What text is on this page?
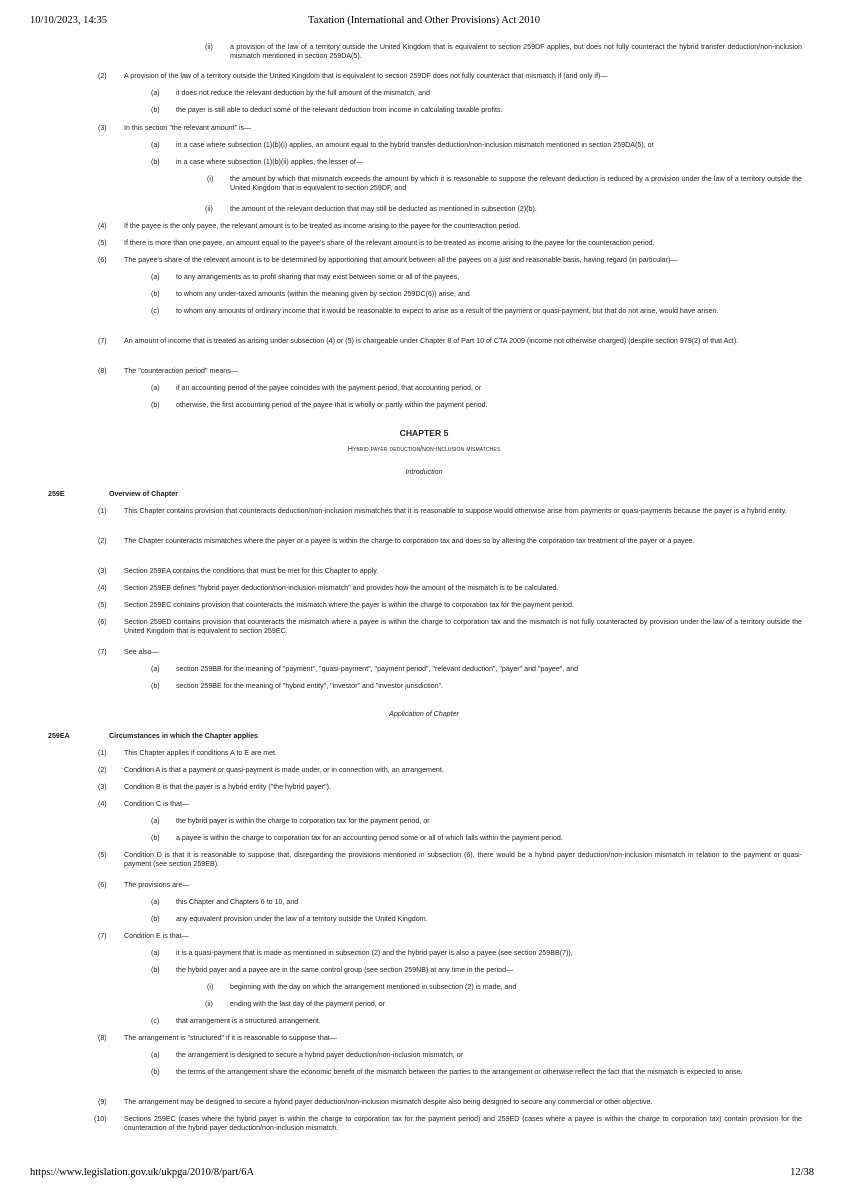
10/10/2023, 14:35	Taxation (International and Other Provisions) Act 2010
(ii) a provision of the law of a territory outside the United Kingdom that is equivalent to section 259DF applies, but does not fully counteract the hybrid transfer deduction/non-inclusion mismatch mentioned in section 259DA(5).
(2) A provision of the law of a territory outside the United Kingdom that is equivalent to section 259DF does not fully counteract that mismatch if (and only if)—
(a) it does not reduce the relevant deduction by the full amount of the mismatch, and
(b) the payer is still able to deduct some of the relevant deduction from income in calculating taxable profits.
(3) In this section "the relevant amount" is—
(a) in a case where subsection (1)(b)(i) applies, an amount equal to the hybrid transfer deduction/non-inclusion mismatch mentioned in section 259DA(5), or
(b) in a case where subsection (1)(b)(ii) applies, the lesser of—
(i) the amount by which that mismatch exceeds the amount by which it is reasonable to suppose the relevant deduction is reduced by a provision under the law of a territory outside the United Kingdom that is equivalent to section 259DF, and
(ii) the amount of the relevant deduction that may still be deducted as mentioned in subsection (2)(b).
(4) If the payee is the only payee, the relevant amount is to be treated as income arising to the payee for the counteraction period.
(5) If there is more than one payee, an amount equal to the payee's share of the relevant amount is to be treated as income arising to the payee for the counteraction period.
(6) The payee's share of the relevant amount is to be determined by apportioning that amount between all the payees on a just and reasonable basis, having regard (in particular)—
(a) to any arrangements as to profit sharing that may exist between some or all of the payees,
(b) to whom any under-taxed amounts (within the meaning given by section 259DC(6)) arise, and
(c) to whom any amounts of ordinary income that it would be reasonable to expect to arise as a result of the payment or quasi-payment, but that do not arise, would have arisen.
(7) An amount of income that is treated as arising under subsection (4) or (5) is chargeable under Chapter 8 of Part 10 of CTA 2009 (income not otherwise charged) (despite section 979(2) of that Act).
(8) The "counteraction period" means—
(a) if an accounting period of the payee coincides with the payment period, that accounting period, or
(b) otherwise, the first accounting period of the payee that is wholly or partly within the payment period.
259E	Overview of Chapter
(1) This Chapter contains provision that counteracts deduction/non-inclusion mismatches that it is reasonable to suppose would otherwise arise from payments or quasi-payments because the payer is a hybrid entity.
(2) The Chapter counteracts mismatches where the payer or a payee is within the charge to corporation tax and does so by altering the corporation tax treatment of the payer or a payee.
(3) Section 259EA contains the conditions that must be met for this Chapter to apply.
(4) Section 259EB defines "hybrid payer deduction/non-inclusion mismatch" and provides how the amount of the mismatch is to be calculated.
(5) Section 259EC contains provision that counteracts the mismatch where the payer is within the charge to corporation tax for the payment period.
(6) Section 259ED contains provision that counteracts the mismatch where a payee is within the charge to corporation tax and the mismatch is not fully counteracted by provision under the law of a territory outside the United Kingdom that is equivalent to section 259EC.
(7) See also—
(a) section 259BB for the meaning of "payment", "quasi-payment", "payment period", "relevant deduction", "payer" and "payee", and
(b) section 259BE for the meaning of "hybrid entity", "investor" and "investor jurisdiction".
259EA	Circumstances in which the Chapter applies
(1) This Chapter applies if conditions A to E are met.
(2) Condition A is that a payment or quasi-payment is made under, or in connection with, an arrangement.
(3) Condition B is that the payer is a hybrid entity ("the hybrid payer").
(4) Condition C is that—
(a) the hybrid payer is within the charge to corporation tax for the payment period, or
(b) a payee is within the charge to corporation tax for an accounting period some or all of which falls within the payment period.
(5) Condition D is that it is reasonable to suppose that, disregarding the provisions mentioned in subsection (6), there would be a hybrid payer deduction/non-inclusion mismatch in relation to the payment or quasi-payment (see section 259EB).
(6) The provisions are—
(a) this Chapter and Chapters 6 to 10, and
(b) any equivalent provision under the law of a territory outside the United Kingdom.
(7) Condition E is that—
(a) it is a quasi-payment that is made as mentioned in subsection (2) and the hybrid payer is also a payee (see section 259BB(7)),
(b) the hybrid payer and a payee are in the same control group (see section 259NB) at any time in the period—
(i) beginning with the day on which the arrangement mentioned in subsection (2) is made, and
(ii) ending with the last day of the payment period, or
(c) that arrangement is a structured arrangement.
(8) The arrangement is "structured" if it is reasonable to suppose that—
(a) the arrangement is designed to secure a hybrid payer deduction/non-inclusion mismatch, or
(b) the terms of the arrangement share the economic benefit of the mismatch between the parties to the arrangement or otherwise reflect the fact that the mismatch is expected to arise.
(9) The arrangement may be designed to secure a hybrid payer deduction/non-inclusion mismatch despite also being designed to secure any commercial or other objective.
(10) Sections 259EC (cases where the hybrid payer is within the charge to corporation tax for the payment period) and 259ED (cases where a payee is within the charge to corporation tax) contain provision for the counteraction of the hybrid payer deduction/non-inclusion mismatch.
CHAPTER 5
Hybrid payer deduction/non-inclusion mismatches
Introduction
Application of Chapter
https://www.legislation.gov.uk/ukpga/2010/8/part/6A	12/38
